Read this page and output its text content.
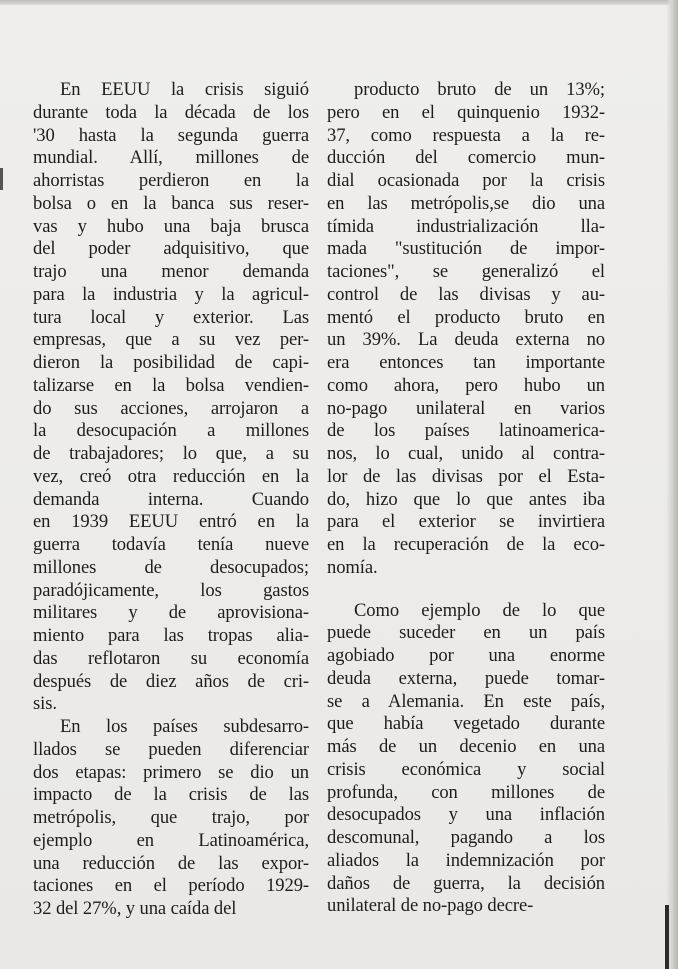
En EEUU la crisis siguió
durante toda la década de los
'30 hasta la segunda guerra
mundial. Allí, millones de
ahorristas perdieron en la
bolsa o en la banca sus reser-
vas y hubo una baja brusca
del poder adquisitivo, que
trajo una menor demanda
para la industria y la agricul-
tura local y exterior. Las
empresas, que a su vez per-
dieron la posibilidad de capi-
talizarse en la bolsa vendien-
do sus acciones, arrojaron a
la desocupación a millones
de trabajadores; lo que, a su
vez, creó otra reducción en la
demanda interna. Cuando
en 1939 EEUU entró en la
guerra todavía tenía nueve
millones de desocupados;
paradójicamente, los gastos
militares y de aprovisiona-
miento para las tropas alia-
das reflotaron su economía
después de diez años de cri-
sis.
En los países subdesarro-
llados se pueden diferenciar
dos etapas: primero se dio un
impacto de la crisis de las
metrópolis, que trajo, por
ejemplo en Latinoamérica,
una reducción de las expor-
taciones en el período 1929-
32 del 27%, y una caída del
producto bruto de un 13%;
pero en el quinquenio 1932-
37, como respuesta a la re-
ducción del comercio mun-
dial ocasionada por la crisis
en las metrópolis,se dio una
tímida industrialización lla-
mada "sustitución de impor-
taciones", se generalizó el
control de las divisas y au-
mentó el producto bruto en
un 39%. La deuda externa no
era entonces tan importante
como ahora, pero hubo un
no-pago unilateral en varios
de los países latinoamerica-
nos, lo cual, unido al contra-
lor de las divisas por el Esta-
do, hizo que lo que antes iba
para el exterior se invirtiera
en la recuperación de la eco-
nomía.
Como ejemplo de lo que
puede suceder en un país
agobiado por una enorme
deuda externa, puede tomar-
se a Alemania. En este país,
que había vegetado durante
más de un decenio en una
crisis económica y social
profunda, con millones de
desocupados y una inflación
descomunal, pagando a los
aliados la indemnización por
daños de guerra, la decisión
unilateral de no-pago decre-
